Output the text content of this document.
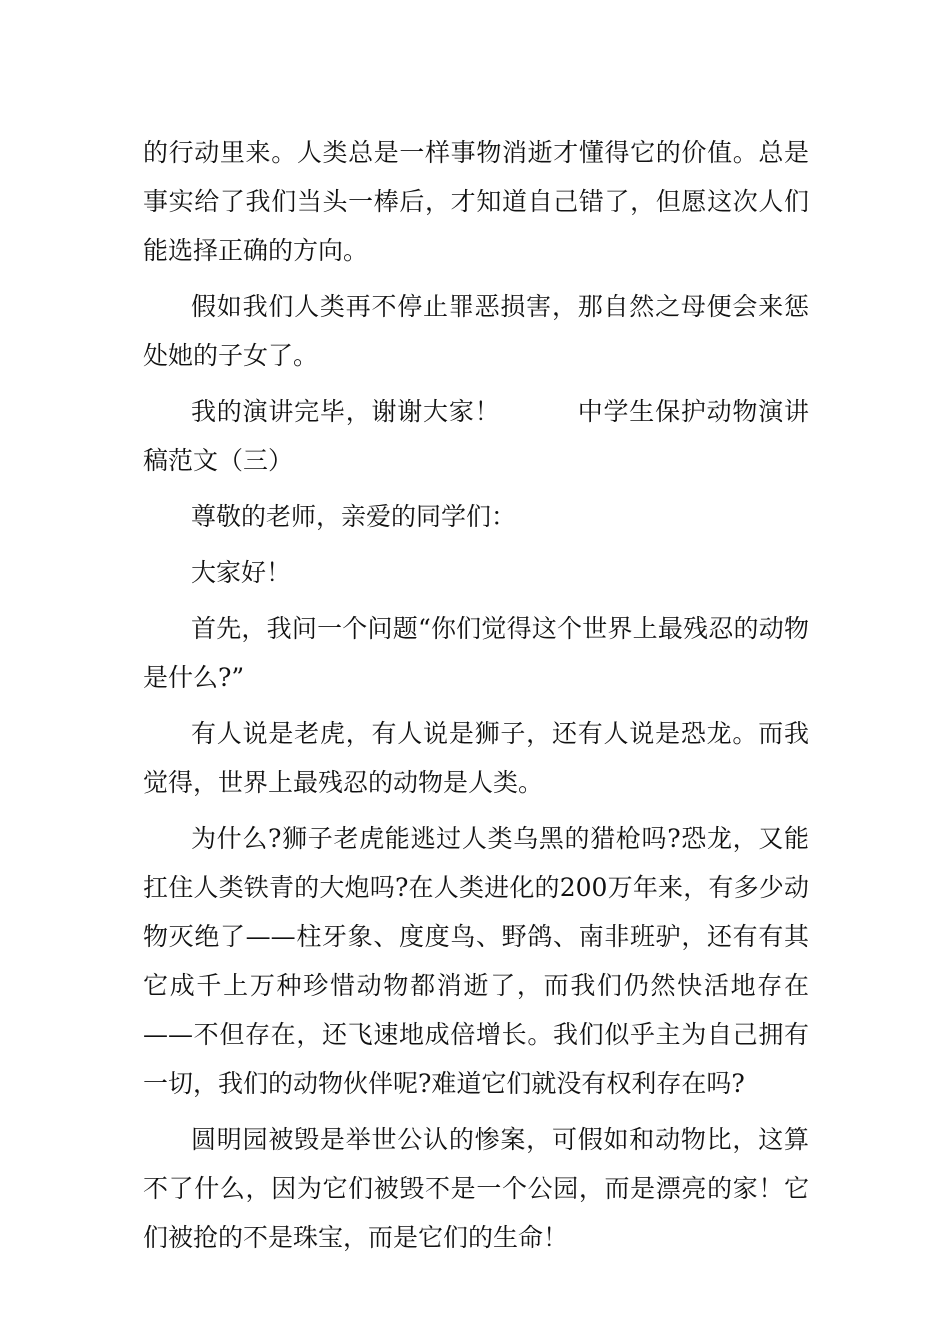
的行动里来。人类总是一样事物消逝才懂得它的价值。总是事实给了我们当头一棒后，才知道自己错了，但愿这次人们能选择正确的方向。

假如我们人类再不停止罪恶损害，那自然之母便会来惩处她的子女了。

我的演讲完毕，谢谢大家！　　　中学生保护动物演讲稿范文（三）

尊敬的老师，亲爱的同学们：

大家好！

首先，我问一个问题“你们觉得这个世界上最残忍的动物是什么?”

有人说是老虎，有人说是狮子，还有人说是恐龙。而我觉得，世界上最残忍的动物是人类。

为什么?狮子老虎能逃过人类乌黑的猎枪吗?恐龙，又能扛住人类铁青的大炮吗?在人类进化的200万年来，有多少动物灭绝了——柱牙象、度度鸟、野鸽、南非班驴，还有有其它成千上万种珍惜动物都消逝了，而我们仍然快活地存在——不但存在，还飞速地成倍增长。我们似乎主为自己拥有一切，我们的动物伙伴呢?难道它们就没有权利存在吗?

圆明园被毁是举世公认的惨案，可假如和动物比，这算不了什么，因为它们被毁不是一个公园，而是漂亮的家！它们被抢的不是珠宝，而是它们的生命！
